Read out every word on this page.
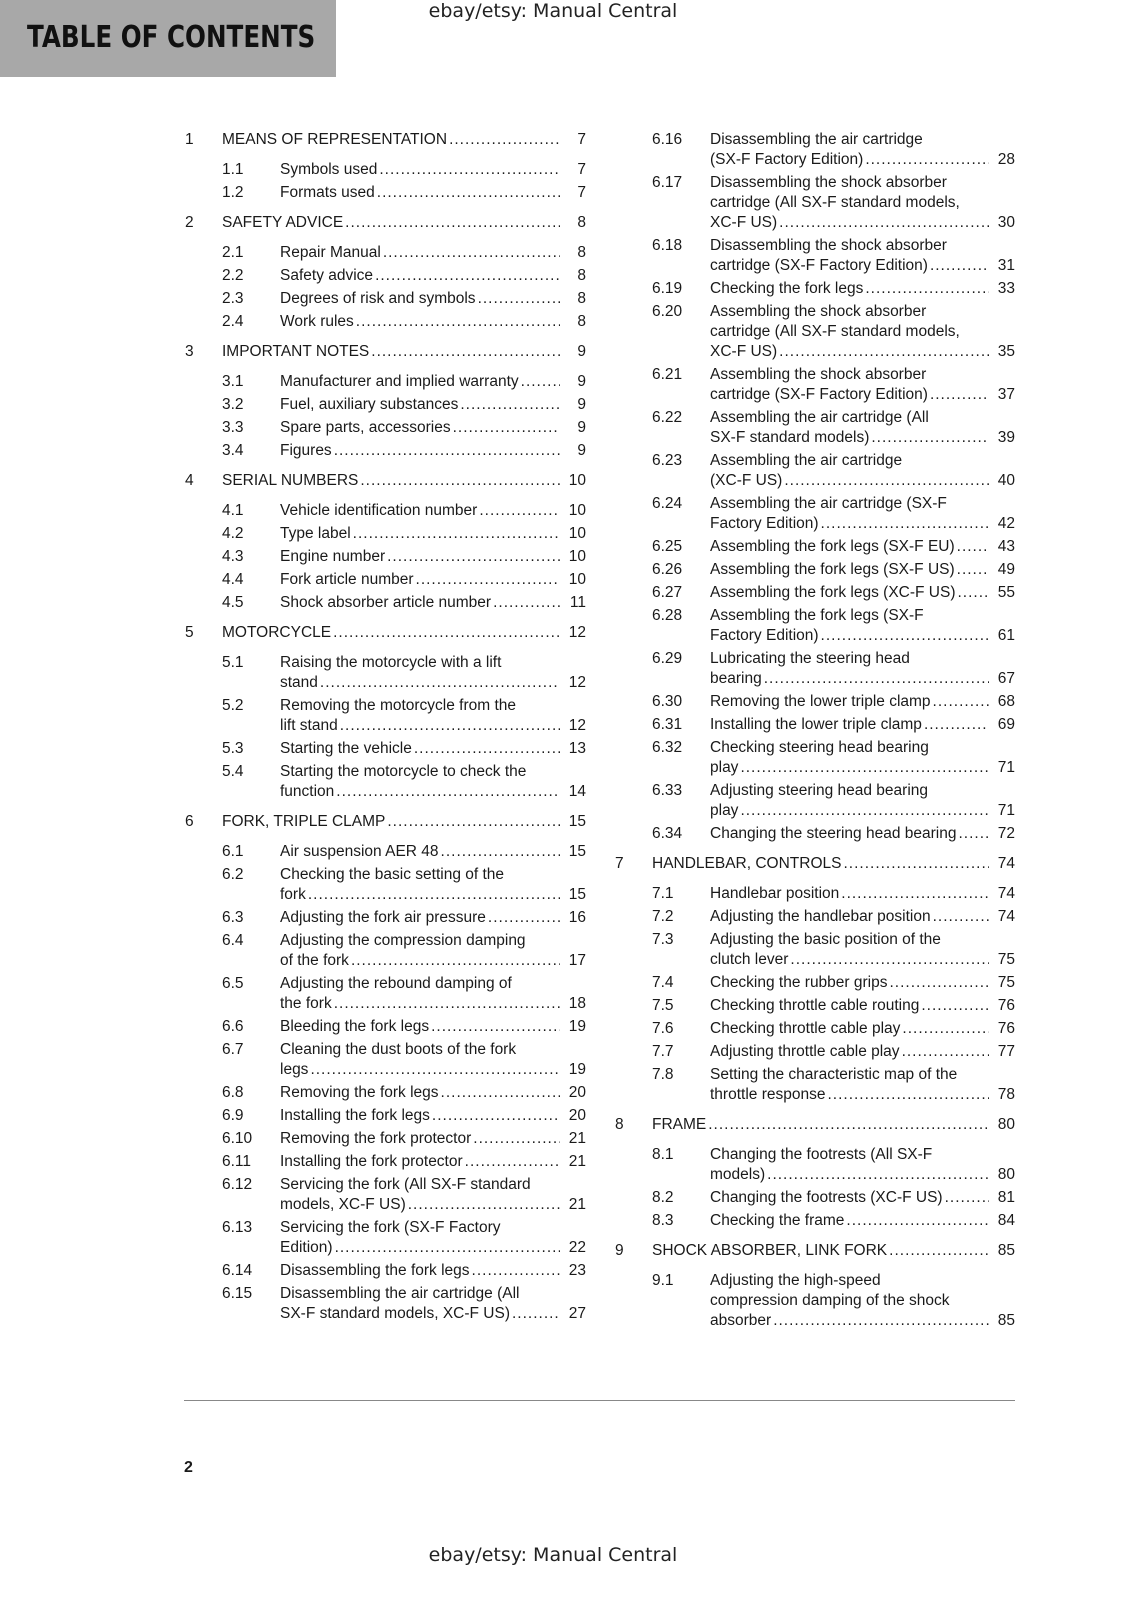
TABLE OF CONTENTS
ebay/etsy: Manual Central
1	MEANS OF REPRESENTATION .....	7
1.1	Symbols used .....	7
1.2	Formats used .....	7
2	SAFETY ADVICE .....	8
2.1	Repair Manual .....	8
2.2	Safety advice .....	8
2.3	Degrees of risk and symbols .....	8
2.4	Work rules .....	8
3	IMPORTANT NOTES .....	9
3.1	Manufacturer and implied warranty .....	9
3.2	Fuel, auxiliary substances .....	9
3.3	Spare parts, accessories .....	9
3.4	Figures .....	9
4	SERIAL NUMBERS .....	10
4.1	Vehicle identification number .....	10
4.2	Type label .....	10
4.3	Engine number .....	10
4.4	Fork article number .....	10
4.5	Shock absorber article number .....	11
5	MOTORCYCLE .....	12
5.1	Raising the motorcycle with a lift
stand .....	12
5.2	Removing the motorcycle from the
lift stand .....	12
5.3	Starting the vehicle .....	13
5.4	Starting the motorcycle to check the
function .....	14
6	FORK, TRIPLE CLAMP .....	15
6.1	Air suspension AER 48 .....	15
6.2	Checking the basic setting of the
fork .....	15
6.3	Adjusting the fork air pressure .....	16
6.4	Adjusting the compression damping
of the fork .....	17
6.5	Adjusting the rebound damping of
the fork .....	18
6.6	Bleeding the fork legs .....	19
6.7	Cleaning the dust boots of the fork
legs .....	19
6.8	Removing the fork legs .....	20
6.9	Installing the fork legs .....	20
6.10	Removing the fork protector .....	21
6.11	Installing the fork protector .....	21
6.12	Servicing the fork (All SX-F standard
models, XC-F US) .....	21
6.13	Servicing the fork (SX-F Factory
Edition) .....	22
6.14	Disassembling the fork legs .....	23
6.15	Disassembling the air cartridge (All
SX-F standard models, XC-F US) .....	27
6.16	Disassembling the air cartridge
(SX-F Factory Edition) .....	28
6.17	Disassembling the shock absorber
cartridge (All SX-F standard models,
XC-F US) .....	30
6.18	Disassembling the shock absorber
cartridge (SX-F Factory Edition) .....	31
6.19	Checking the fork legs .....	33
6.20	Assembling the shock absorber
cartridge (All SX-F standard models,
XC-F US) .....	35
6.21	Assembling the shock absorber
cartridge (SX-F Factory Edition) .....	37
6.22	Assembling the air cartridge (All
SX-F standard models) .....	39
6.23	Assembling the air cartridge
(XC-F US) .....	40
6.24	Assembling the air cartridge (SX-F
Factory Edition) .....	42
6.25	Assembling the fork legs (SX-F EU) .....	43
6.26	Assembling the fork legs (SX-F US) .....	49
6.27	Assembling the fork legs (XC-F US) .....	55
6.28	Assembling the fork legs (SX-F
Factory Edition) .....	61
6.29	Lubricating the steering head
bearing .....	67
6.30	Removing the lower triple clamp .....	68
6.31	Installing the lower triple clamp .....	69
6.32	Checking steering head bearing
play .....	71
6.33	Adjusting steering head bearing
play .....	71
6.34	Changing the steering head bearing .....	72
7	HANDLEBAR, CONTROLS .....	74
7.1	Handlebar position .....	74
7.2	Adjusting the handlebar position .....	74
7.3	Adjusting the basic position of the
clutch lever .....	75
7.4	Checking the rubber grips .....	75
7.5	Checking throttle cable routing .....	76
7.6	Checking throttle cable play .....	76
7.7	Adjusting throttle cable play .....	77
7.8	Setting the characteristic map of the
throttle response .....	78
8	FRAME .....	80
8.1	Changing the footrests (All SX-F
models) .....	80
8.2	Changing the footrests (XC-F US) .....	81
8.3	Checking the frame .....	84
9	SHOCK ABSORBER, LINK FORK .....	85
9.1	Adjusting the high-speed
compression damping of the shock
absorber .....	85
2
ebay/etsy: Manual Central
